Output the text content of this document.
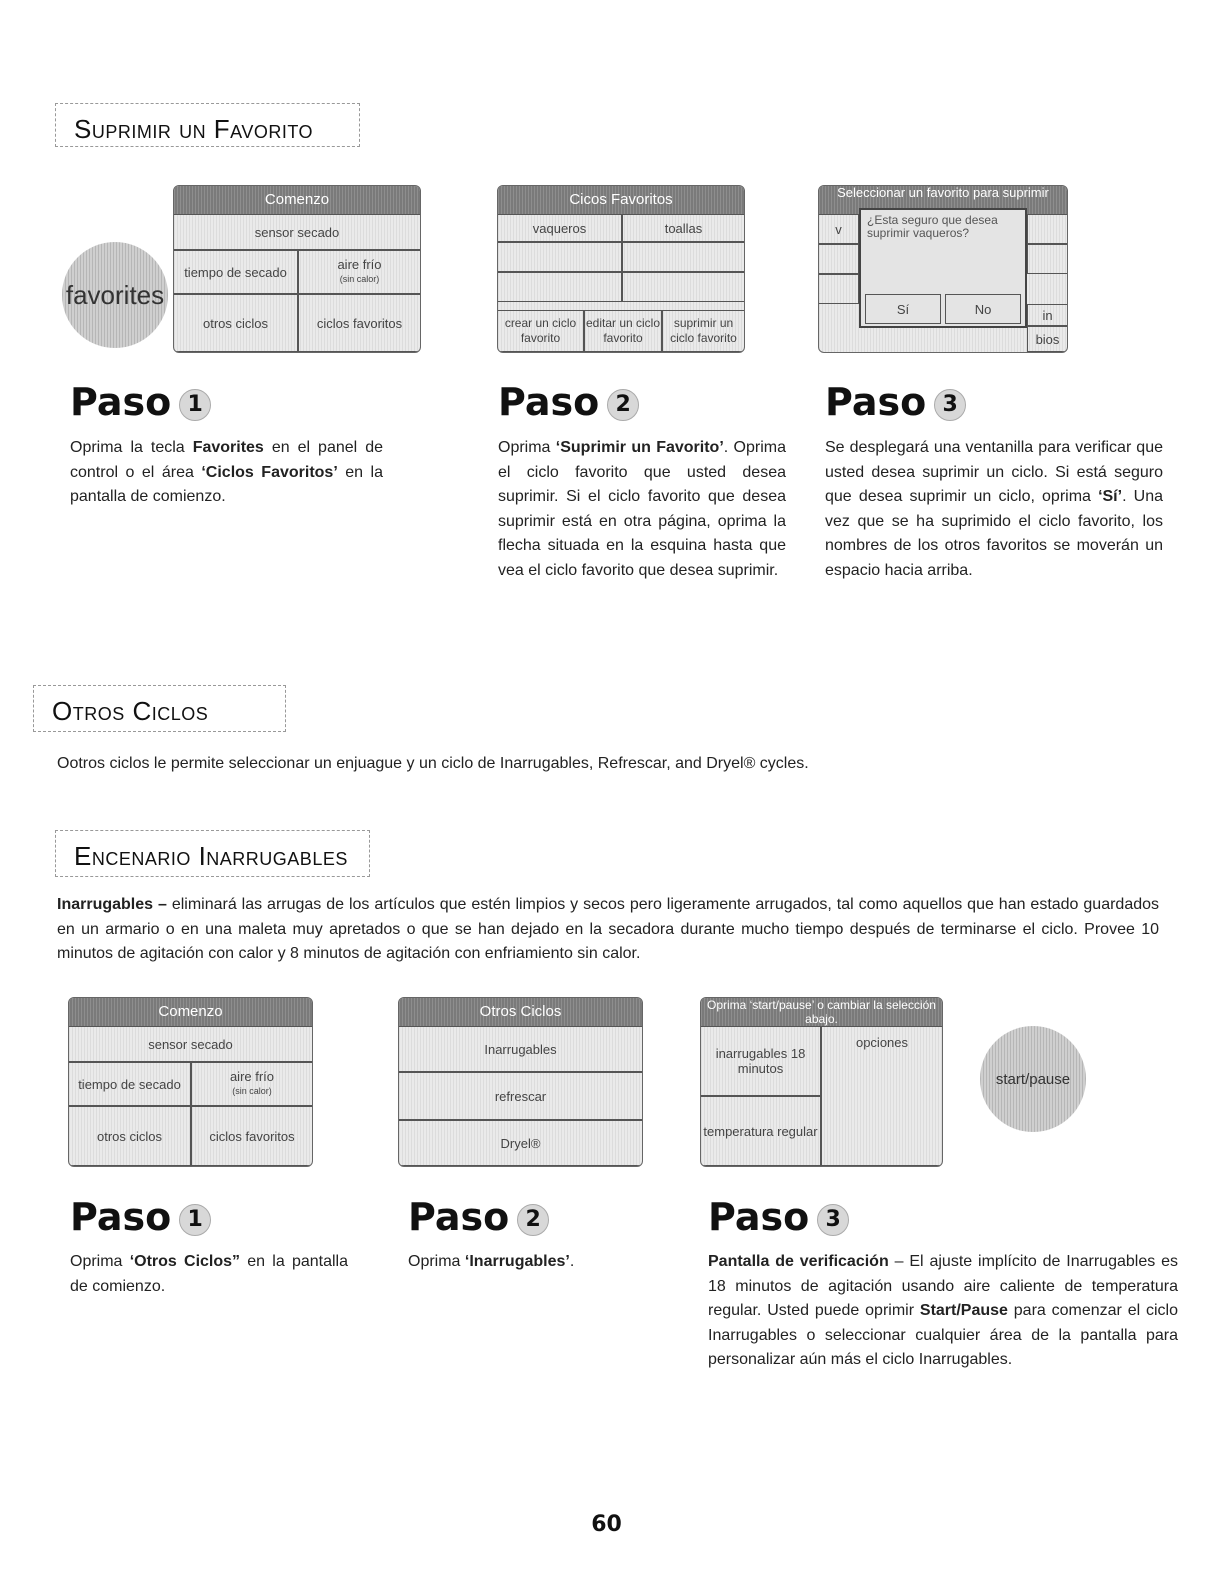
Suprimir un Favorito
favorites
Comenzo
sensor secado
tiempo de secado	aire frío
(sin calor)
otros ciclos	ciclos favoritos
Cicos Favoritos
vaqueros	toallas
crear un ciclo favorito
editar un ciclo favorito
suprimir un ciclo favorito
Seleccionar un favorito para suprimir
v
in
bios
¿Esta seguro que desea suprimir vaqueros?
Sí	No
Paso 1	Paso 2	Paso 3
Oprima la tecla Favorites en el panel de control o el área ‘Ciclos Favoritos’ en la pantalla de comienzo.
Oprima ‘Suprimir un Favorito’. Oprima el ciclo favorito que usted desea suprimir. Si el ciclo favorito que desea suprimir está en otra página, oprima la flecha situada en la esquina hasta que vea el ciclo favorito que desea suprimir.
Se desplegará una ventanilla para verificar que usted desea suprimir un ciclo. Si está seguro que desea suprimir un ciclo, oprima ‘Sí’. Una vez que se ha suprimido el ciclo favorito, los nombres de los otros favoritos se moverán un espacio hacia arriba.
Otros Ciclos
Ootros ciclos le permite seleccionar un enjuague y un ciclo de Inarrugables, Refrescar, and Dryel® cycles.
Encenario Inarrugables
Inarrugables – eliminará las arrugas de los artículos que estén limpios y secos pero ligeramente arrugados, tal como aquellos que han estado guardados en un armario o en una maleta muy apretados o que se han dejado en la secadora durante mucho tiempo después de terminarse el ciclo. Provee 10 minutos de agitación con calor y 8 minutos de agitación con enfriamiento sin calor.
Comenzo
sensor secado
tiempo de secado	aire frío
(sin calor)
otros ciclos	ciclos favoritos
Otros Ciclos
Inarrugables
refrescar
Dryel®
Oprima ‘start/pause’ o cambiar la selección abajo.
inarrugables 18 minutos
opciones
temperatura regular
start/pause
Paso 1	Paso 2	Paso 3
Oprima ‘Otros Ciclos” en la pantalla de comienzo.
Oprima ‘Inarrugables’.	Pantalla de verificación – El ajuste implícito de Inarrugables es 18 minutos de agitación usando aire caliente de temperatura regular. Usted puede oprimir Start/Pause para comenzar el ciclo Inarrugables o seleccionar cualquier área de la pantalla para personalizar aún más el ciclo Inarrugables.
60
